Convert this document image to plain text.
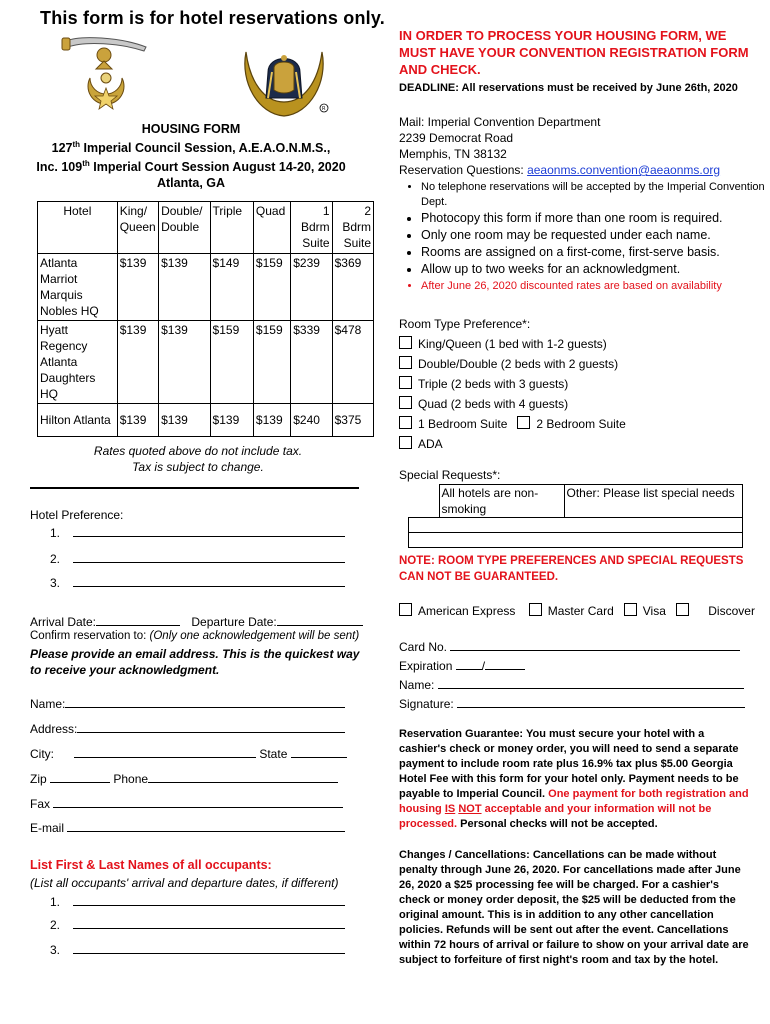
This form is for hotel reservations only.
R
HOUSING FORM
127th Imperial Council Session, A.E.A.O.N.M.S.,
Inc. 109th Imperial Court Session August 14-20, 2020
Atlanta, GA
Hotel	King/ Queen	Double/ Double	Triple	Quad	1 Bdrm Suite	2 Bdrm Suite
Atlanta Marriot Marquis Nobles HQ	$139	$139	$149	$159	$239	$369
Hyatt Regency Atlanta Daughters HQ	$139	$139	$159	$159	$339	$478
Hilton Atlanta	$139	$139	$139	$139	$240	$375
Rates quoted above do not include tax.
Tax is subject to change.
Hotel Preference:
1.
2.
3.
Arrival Date:	Departure Date:
Confirm reservation to: (Only one acknowledgement will be sent)
Please provide an email address. This is the quickest way to receive your acknowledgment.
Name:
Address:
City:	State
Zip	Phone
Fax
E-mail
List First & Last Names of all occupants:
(List all occupants' arrival and departure dates, if different)
1.
2.
3.
IN ORDER TO PROCESS YOUR HOUSING FORM, WE MUST HAVE YOUR CONVENTION REGISTRATION FORM AND CHECK.
DEADLINE: All reservations must be received by June 26th, 2020
Mail: Imperial Convention Department
2239 Democrat Road
Memphis, TN 38132
Reservation Questions: aeaonms.convention@aeaonms.org
• No telephone reservations will be accepted by the Imperial Convention Dept.
• Photocopy this form if more than one room is required.
• Only one room may be requested under each name.
• Rooms are assigned on a first-come, first-serve basis.
• Allow up to two weeks for an acknowledgment.
• After June 26, 2020 discounted rates are based on availability
Room Type Preference*:
King/Queen (1 bed with 1-2 guests)
Double/Double (2 beds with 2 guests)
Triple (2 beds with 3 guests)
Quad (2 beds with 4 guests)
1 Bedroom Suite 2 Bedroom Suite
ADA
Special Requests*:
	All hotels are non-smoking	Other: Please list special needs

NOTE: ROOM TYPE PREFERENCES AND SPECIAL REQUESTS CAN NOT BE GUARANTEED.
American Express	Master Card Visa	Discover
Card No.
Expiration /
Name:
Signature:
Reservation Guarantee: You must secure your hotel with a cashier's check or money order, you will need to send a separate payment to include room rate plus 16.9% tax plus $5.00 Georgia Hotel Fee with this form for your hotel only. Payment needs to be payable to Imperial Council. One payment for both registration and housing IS NOT acceptable and your information will not be processed. Personal checks will not be accepted.
Changes / Cancellations: Cancellations can be made without penalty through June 26, 2020. For cancellations made after June 26, 2020 a $25 processing fee will be charged. For a cashier's check or money order deposit, the $25 will be deducted from the original amount. This is in addition to any other cancellation policies. Refunds will be sent out after the event. Cancellations within 72 hours of arrival or failure to show on your arrival date are subject to forfeiture of first night's room and tax by the hotel.
